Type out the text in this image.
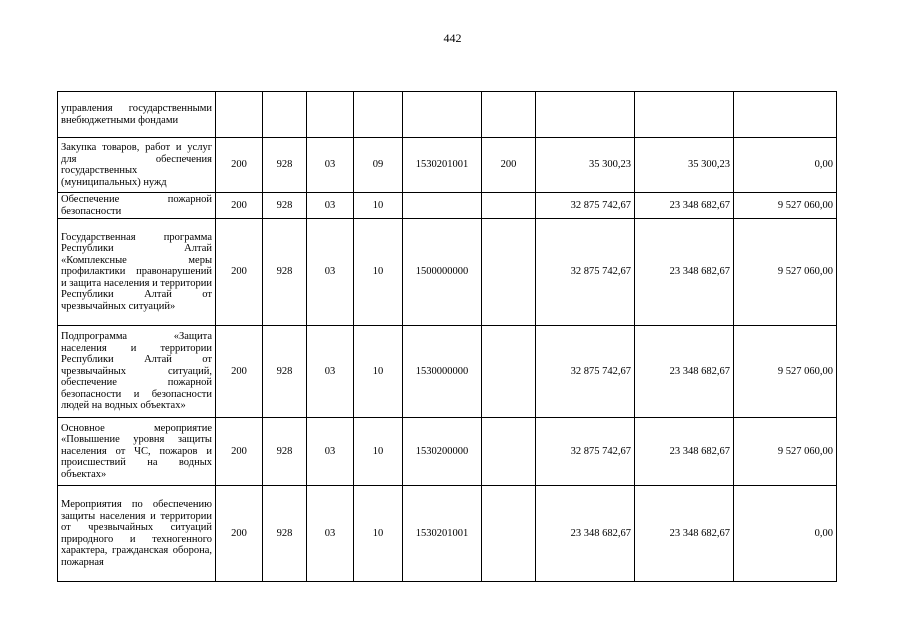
442
управления государственными внебюджетными фондами									
Закупка товаров, работ и услуг для обеспечения государственных (муниципальных) нужд	200	928	03	09	1530201001	200	35 300,23	35 300,23	0,00
Обеспечение пожарной безопасности	200	928	03	10			32 875 742,67	23 348 682,67	9 527 060,00
Государственная программа Республики Алтай «Комплексные меры профилактики правонарушений и защита населения и территории Республики Алтай от чрезвычайных ситуаций»	200	928	03	10	1500000000		32 875 742,67	23 348 682,67	9 527 060,00
Подпрограмма «Защита населения и территории Республики Алтай от чрезвычайных ситуаций, обеспечение пожарной безопасности и безопасности людей на водных объектах»	200	928	03	10	1530000000		32 875 742,67	23 348 682,67	9 527 060,00
Основное мероприятие «Повышение уровня защиты населения от ЧС, пожаров и происшествий на водных объектах»	200	928	03	10	1530200000		32 875 742,67	23 348 682,67	9 527 060,00
Мероприятия по обеспечению защиты населения и территории от чрезвычайных ситуаций природного и техногенного характера, гражданская оборона, пожарная	200	928	03	10	1530201001		23 348 682,67	23 348 682,67	0,00
